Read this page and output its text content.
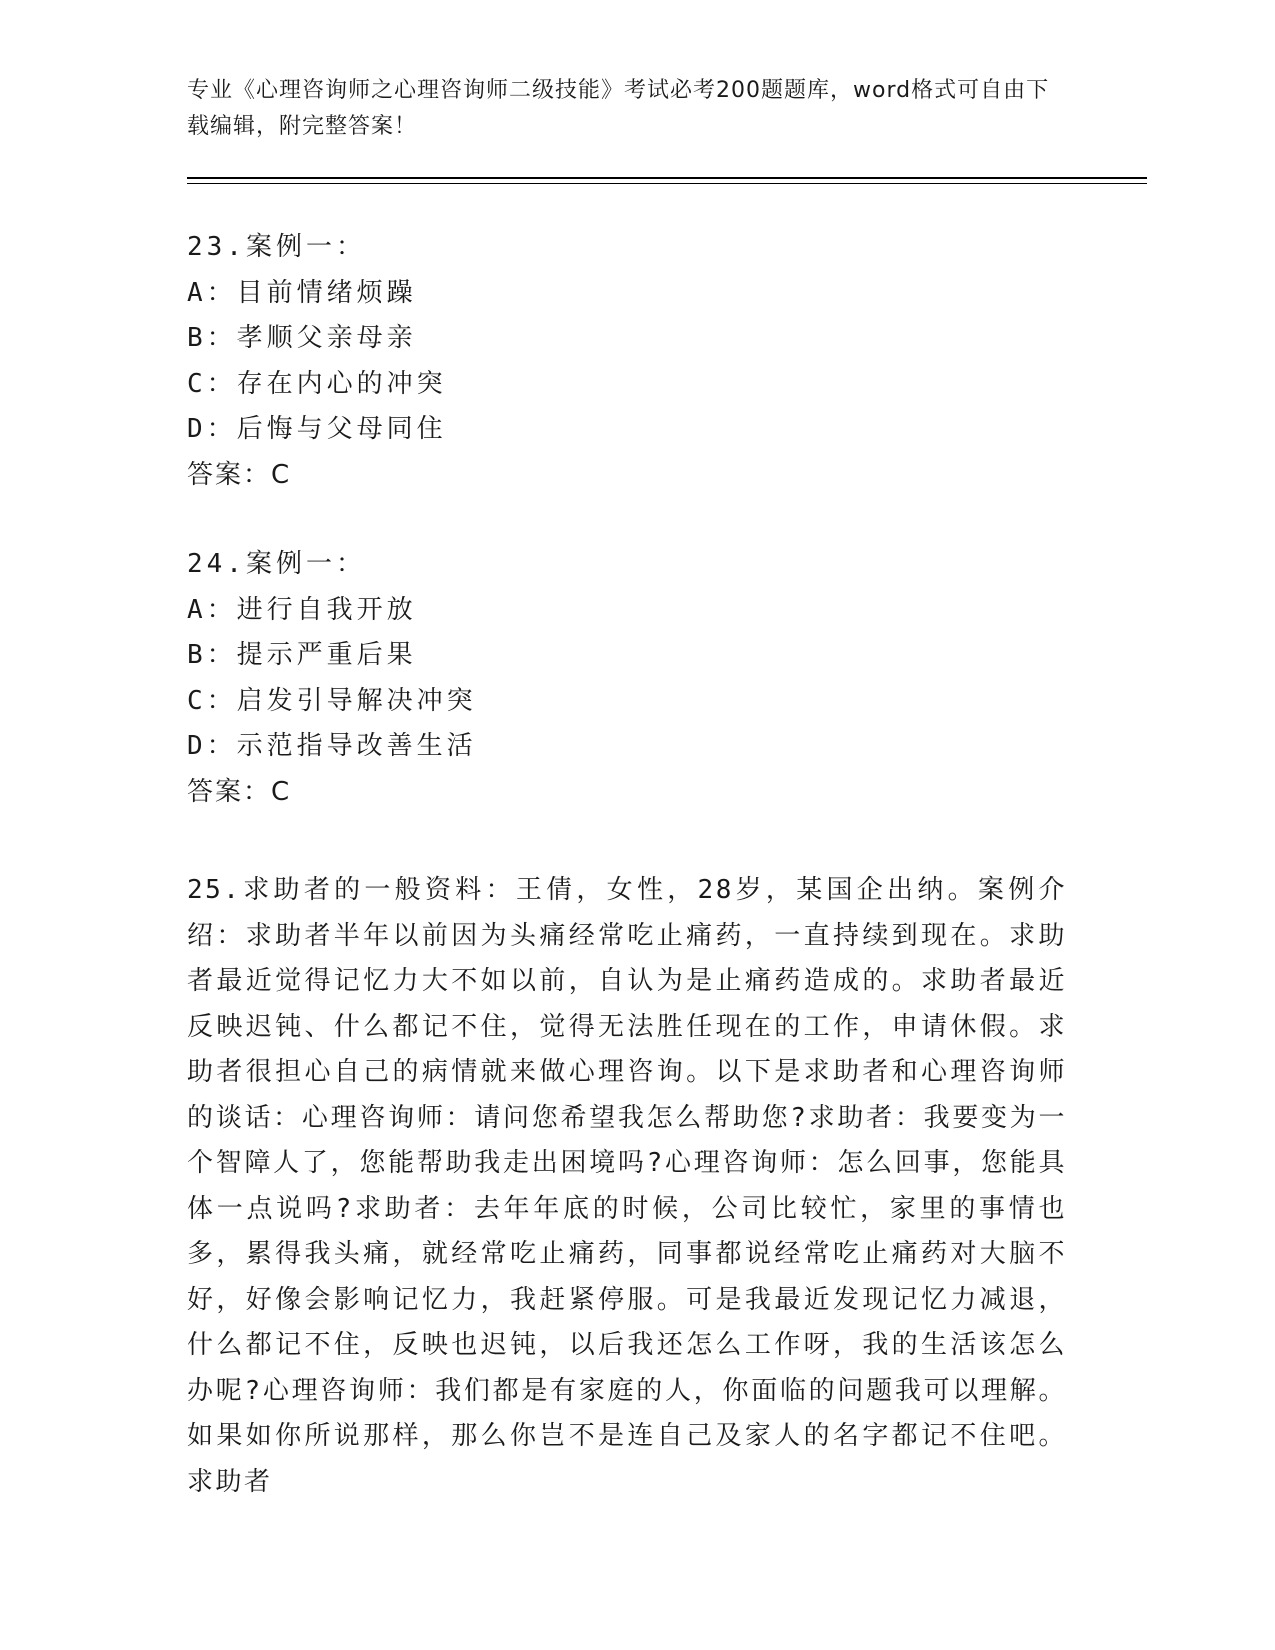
专业《心理咨询师之心理咨询师二级技能》考试必考200题题库，word格式可自由下载编辑，附完整答案！
23.案例一：
A：目前情绪烦躁
B：孝顺父亲母亲
C：存在内心的冲突
D：后悔与父母同住
答案：C
24.案例一：
A：进行自我开放
B：提示严重后果
C：启发引导解决冲突
D：示范指导改善生活
答案：C
25.求助者的一般资料：王倩，女性，28岁，某国企出纳。案例介绍：求助者半年以前因为头痛经常吃止痛药，一直持续到现在。求助者最近觉得记忆力大不如以前，自认为是止痛药造成的。求助者最近反映迟钝、什么都记不住，觉得无法胜任现在的工作，申请休假。求助者很担心自己的病情就来做心理咨询。以下是求助者和心理咨询师的谈话：心理咨询师：请问您希望我怎么帮助您?求助者：我要变为一个智障人了，您能帮助我走出困境吗?心理咨询师：怎么回事，您能具体一点说吗?求助者：去年年底的时候，公司比较忙，家里的事情也多，累得我头痛，就经常吃止痛药，同事都说经常吃止痛药对大脑不好，好像会影响记忆力，我赶紧停服。可是我最近发现记忆力减退，什么都记不住，反映也迟钝，以后我还怎么工作呀，我的生活该怎么办呢?心理咨询师：我们都是有家庭的人，你面临的问题我可以理解。如果如你所说那样，那么你岂不是连自己及家人的名字都记不住吧。求助者
